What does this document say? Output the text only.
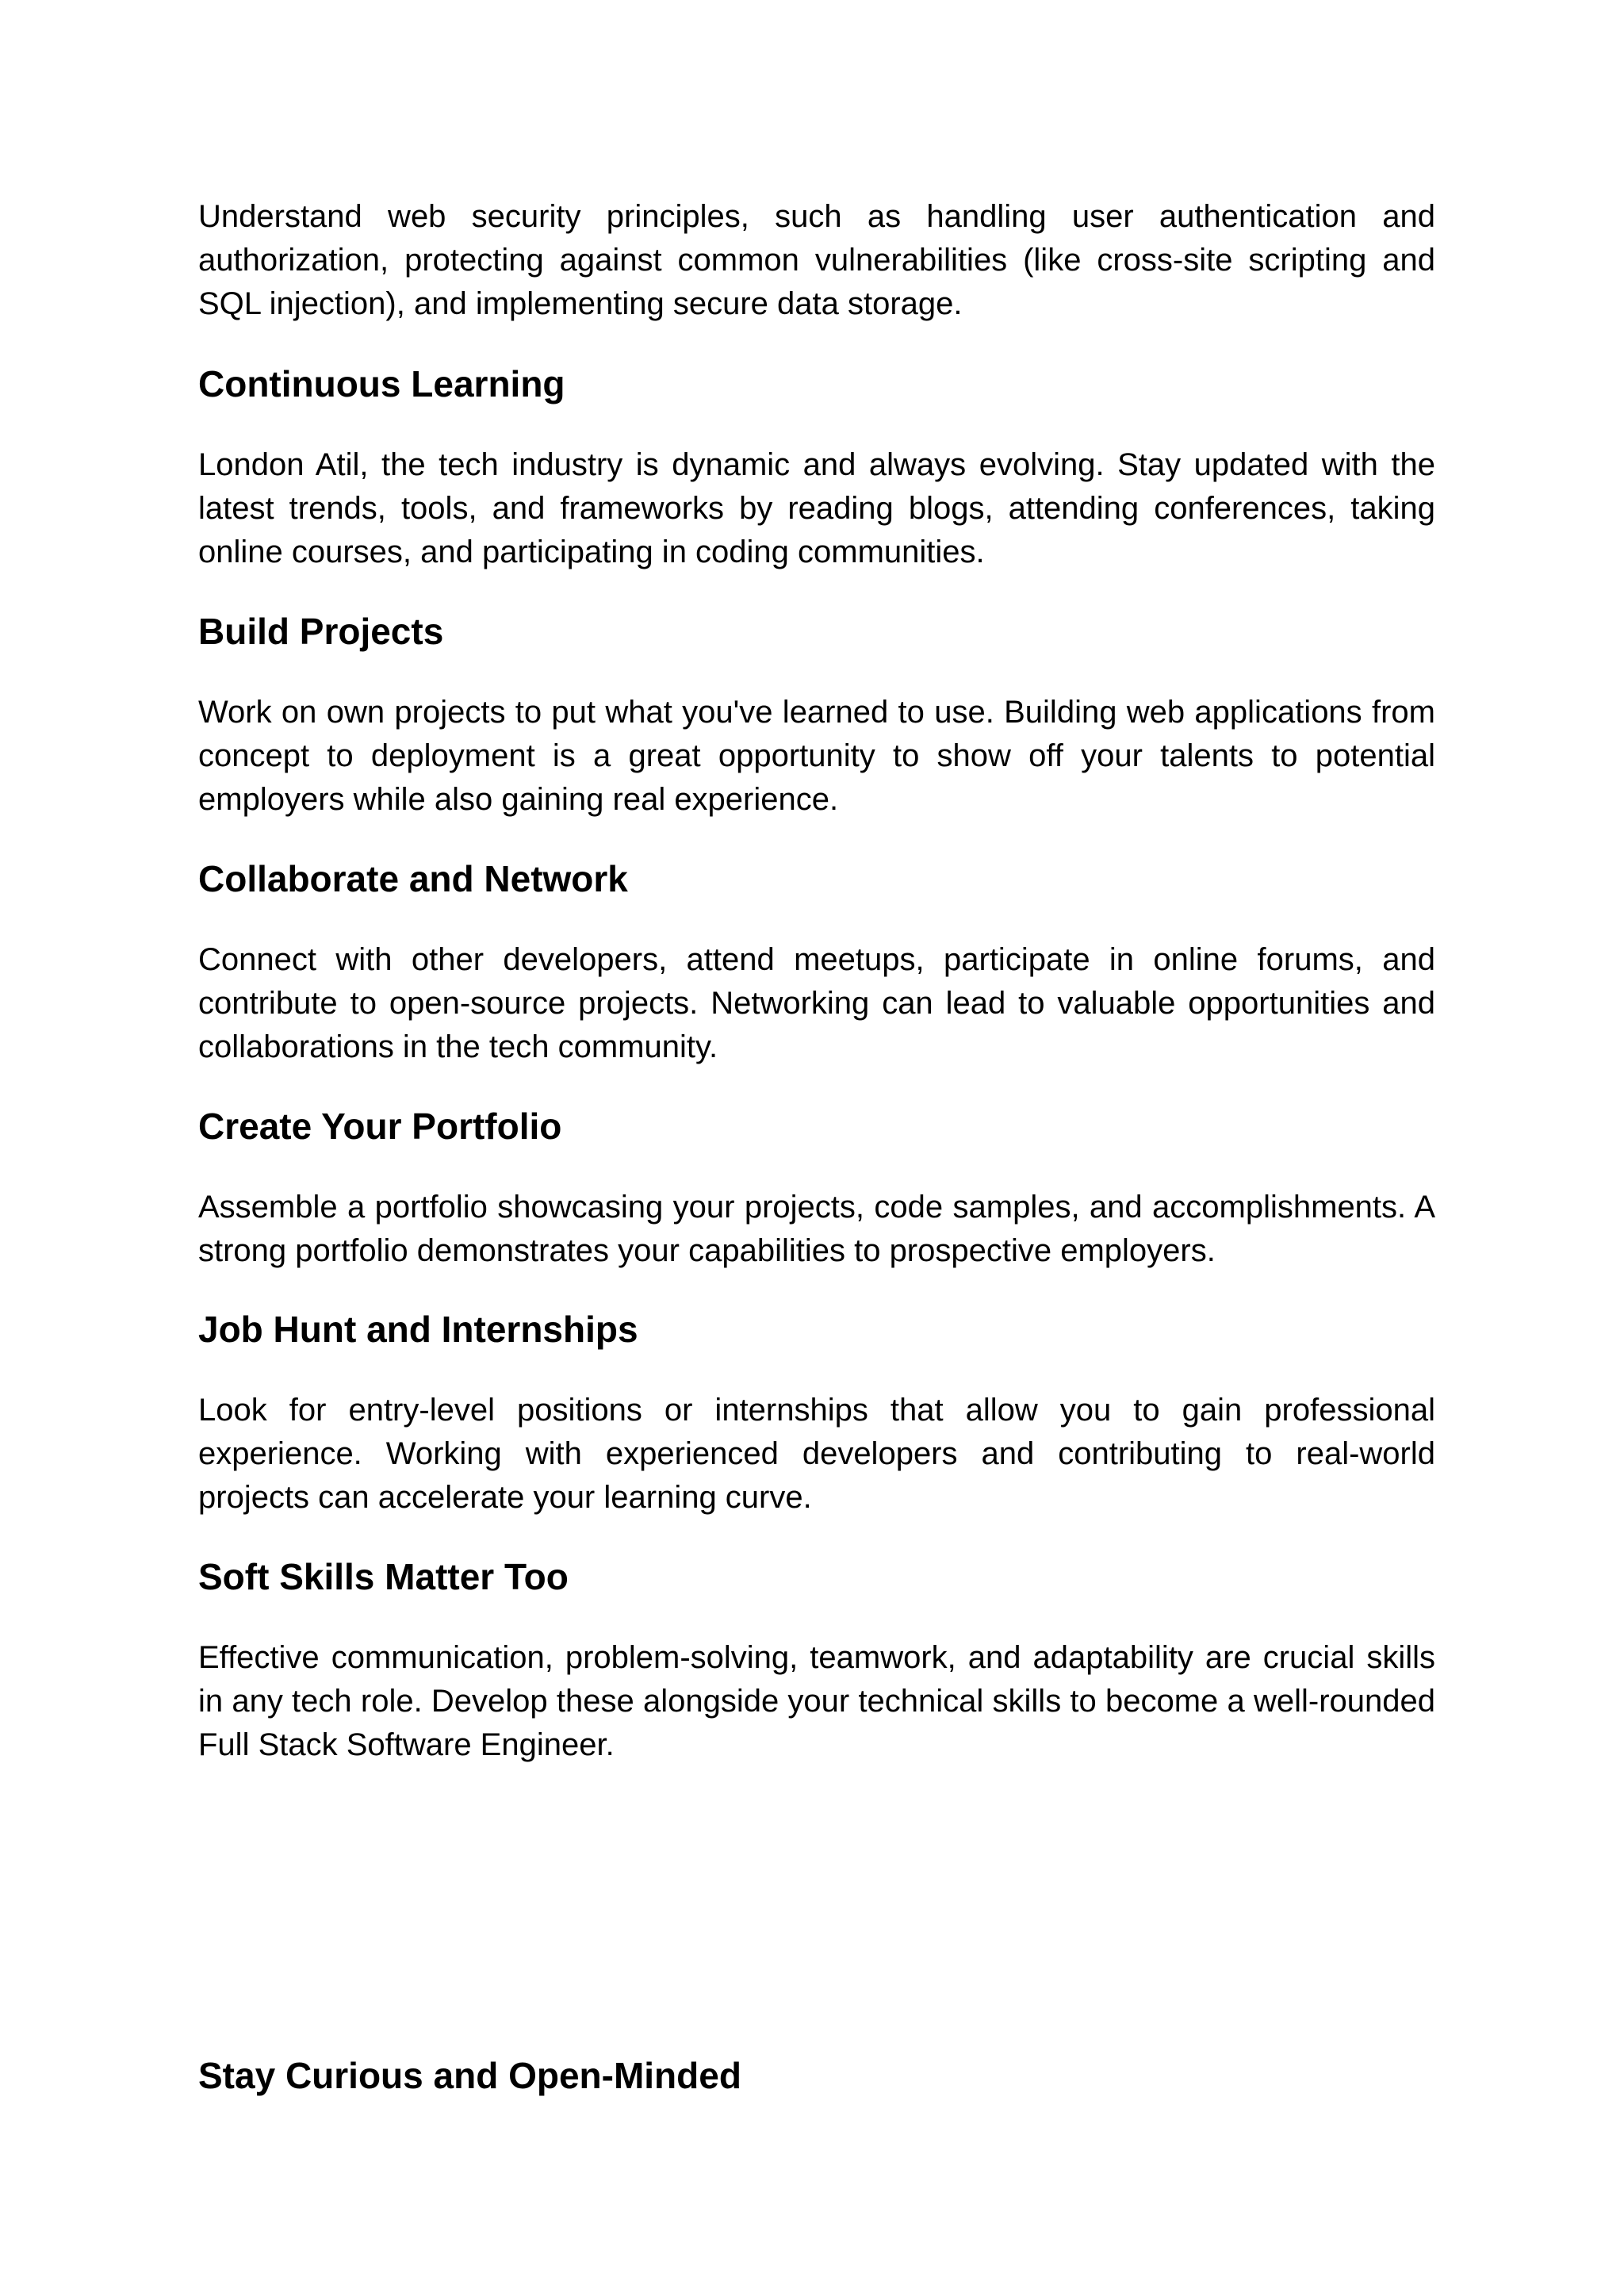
Understand web security principles, such as handling user authentication and authorization, protecting against common vulnerabilities (like cross-site scripting and SQL injection), and implementing secure data storage.

Continuous Learning

London Atil, the tech industry is dynamic and always evolving. Stay updated with the latest trends, tools, and frameworks by reading blogs, attending conferences, taking online courses, and participating in coding communities.

Build Projects

Work on own projects to put what you've learned to use. Building web applications from concept to deployment is a great opportunity to show off your talents to potential employers while also gaining real experience.

Collaborate and Network

Connect with other developers, attend meetups, participate in online forums, and contribute to open-source projects. Networking can lead to valuable opportunities and collaborations in the tech community.

Create Your Portfolio

Assemble a portfolio showcasing your projects, code samples, and accomplishments. A strong portfolio demonstrates your capabilities to prospective employers.

Job Hunt and Internships

Look for entry-level positions or internships that allow you to gain professional experience. Working with experienced developers and contributing to real-world projects can accelerate your learning curve.

Soft Skills Matter Too

Effective communication, problem-solving, teamwork, and adaptability are crucial skills in any tech role. Develop these alongside your technical skills to become a well-rounded Full Stack Software Engineer.

Stay Curious and Open-Minded
